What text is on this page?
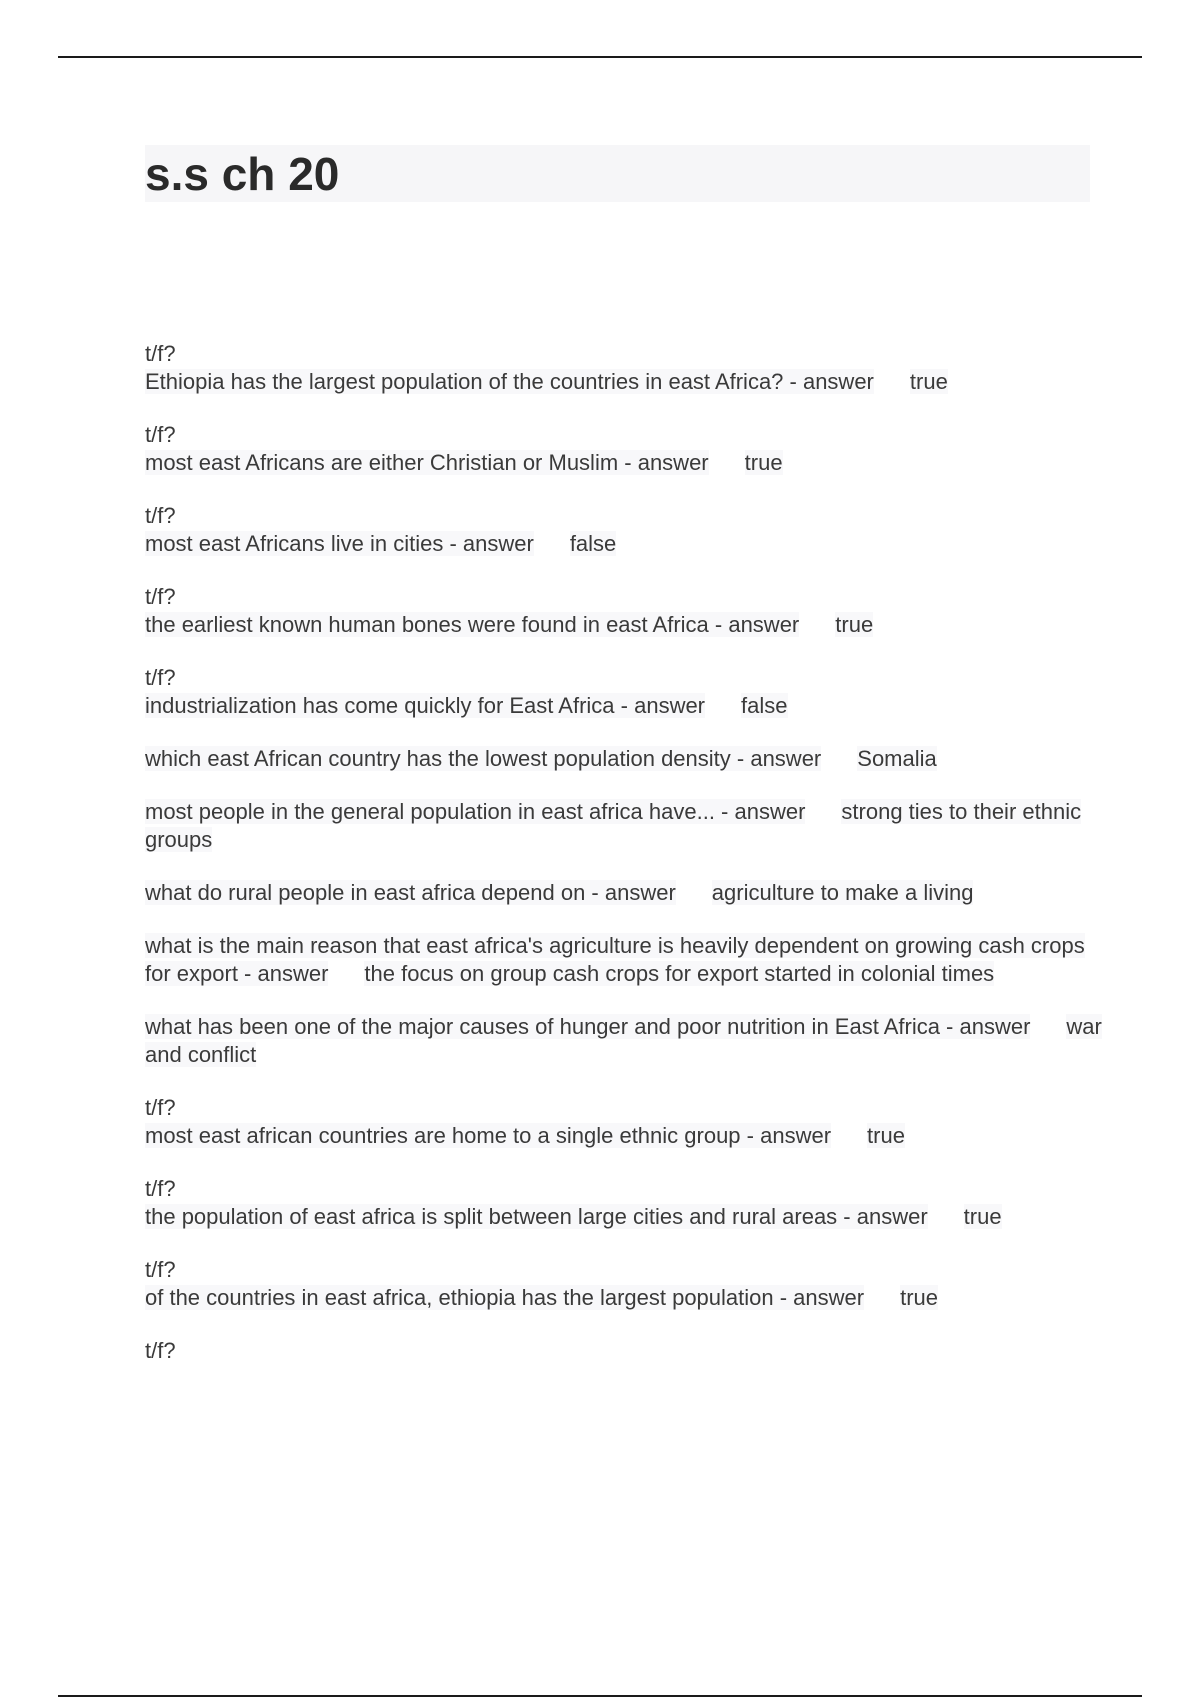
s.s ch 20
t/f?
Ethiopia has the largest population of the countries in east Africa? - answer true
t/f?
most east Africans are either Christian or Muslim - answer true
t/f?
most east Africans live in cities - answer false
t/f?
the earliest known human bones were found in east Africa - answer true
t/f?
industrialization has come quickly for East Africa - answer false
which east African country has the lowest population density - answer Somalia
most people in the general population in east africa have... - answer strong ties to their ethnic groups
what do rural people in east africa depend on - answer agriculture to make a living
what is the main reason that east africa's agriculture is heavily dependent on growing cash crops for export - answer the focus on group cash crops for export started in colonial times
what has been one of the major causes of hunger and poor nutrition in East Africa - answer war and conflict
t/f?
most east african countries are home to a single ethnic group - answer true
t/f?
the population of east africa is split between large cities and rural areas - answer true
t/f?
of the countries in east africa, ethiopia has the largest population - answer true
t/f?
